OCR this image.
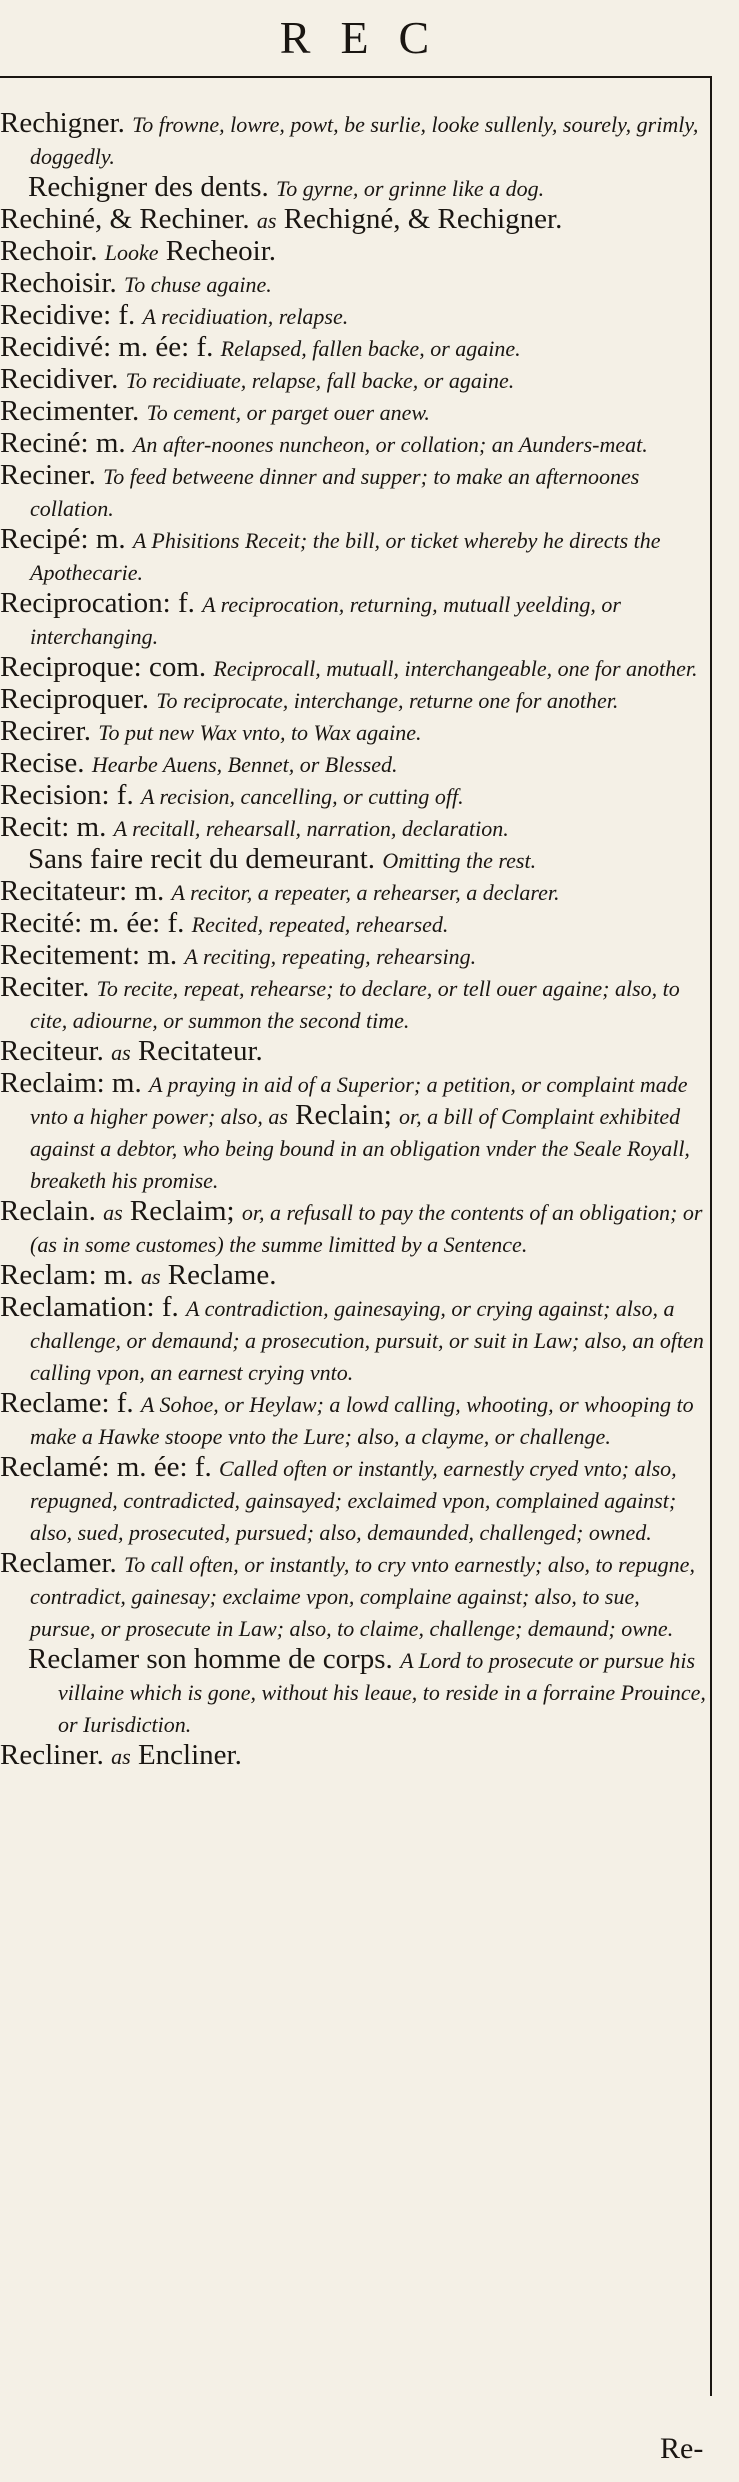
REC
Rechigner. To frowne, lowre, powt, be surlie, looke sullenly, sourely, grimly, doggedly.
Rechigner des dents. To gyrne, or grinne like a dog.
Rechiné, & Rechiner. as Rechigné, & Rechigner.
Rechoir. Looke Recheoir.
Rechoisir. To chuse againe.
Recidive: f. A recidiuation, relapse.
Recidivé: m. ée: f. Relapsed, fallen backe, or againe.
Recidiver. To recidiuate, relapse, fall backe, or againe.
Recimenter. To cement, or parget ouer anew.
Reciné: m. An after-noones nuncheon, or collation; an Aunders-meat.
Reciner. To feed betweene dinner and supper; to make an afternoones collation.
Recipé: m. A Phisitions Receit; the bill, or ticket whereby he directs the Apothecarie.
Reciprocation: f. A reciprocation, returning, mutuall yeelding, or interchanging.
Reciproque: com. Reciprocall, mutuall, interchangeable, one for another.
Reciproquer. To reciprocate, interchange, returne one for another.
Recirer. To put new Wax vnto, to Wax againe.
Recise. Hearbe Auens, Bennet, or Blessed.
Recision: f. A recision, cancelling, or cutting off.
Recit: m. A recitall, rehearsall, narration, declaration.
Sans faire recit du demeurant. Omitting the rest.
Recitateur: m. A recitor, a repeater, a rehearser, a declarer.
Recité: m. ée: f. Recited, repeated, rehearsed.
Recitement: m. A reciting, repeating, rehearsing.
Reciter. To recite, repeat, rehearse; to declare, or tell ouer againe; also, to cite, adiourne, or summon the second time.
Reciteur. as Recitateur.
Reclaim: m. A praying in aid of a Superior; a petition, or complaint made vnto a higher power; also, as Reclain; or, a bill of Complaint exhibited against a debtor, who being bound in an obligation vnder the Seale Royall, breaketh his promise.
Reclain. as Reclaim; or, a refusall to pay the contents of an obligation; or (as in some customes) the summe limitted by a Sentence.
Reclam: m. as Reclame.
Reclamation: f. A contradiction, gainesaying, or crying against; also, a challenge, or demaund; a prosecution, pursuit, or suit in Law; also, an often calling vpon, an earnest crying vnto.
Reclame: f. A Sohoe, or Heylaw; a lowd calling, whooting, or whooping to make a Hawke stoope vnto the Lure; also, a clayme, or challenge.
Reclamé: m. ée: f. Called often or instantly, earnestly cryed vnto; also, repugned, contradicted, gainsayed; exclaimed vpon, complained against; also, sued, prosecuted, pursued; also, demaunded, challenged; owned.
Reclamer. To call often, or instantly, to cry vnto earnestly; also, to repugne, contradict, gainesay; exclaime vpon, complaine against; also, to sue, pursue, or prosecute in Law; also, to claime, challenge; demaund; owne.
Reclamer son homme de corps. A Lord to prosecute or pursue his villaine which is gone, without his leaue, to reside in a forraine Prouince, or Iurisdiction.
Recliner. as Encliner.
Re-
